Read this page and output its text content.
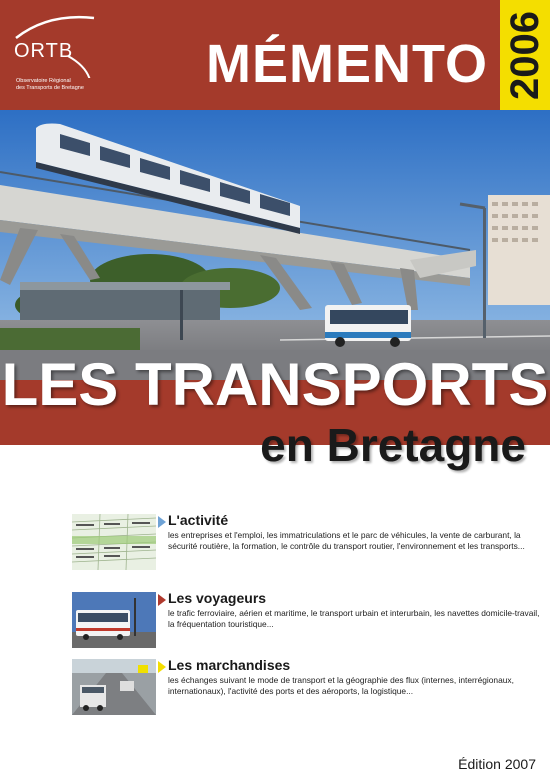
ORTB
Observatoire Régional
des Transports de Bretagne MÉMENTO 2006
LES TRANSPORTS
en Bretagne
L'activité
les entreprises et l'emploi, les immatriculations et le parc de véhicules, la vente de carburant, la sécurité routière, la formation, le contrôle du transport routier, l'environnement et les transports...
Les voyageurs
le trafic ferroviaire, aérien et maritime, le transport urbain et interurbain, les navettes domicile-travail, la fréquentation touristique...
Les marchandises
les échanges suivant le mode de transport et la géographie des flux (internes, interrégionaux, internationaux), l'activité des ports et des aéroports, la logistique...
Édition 2007
